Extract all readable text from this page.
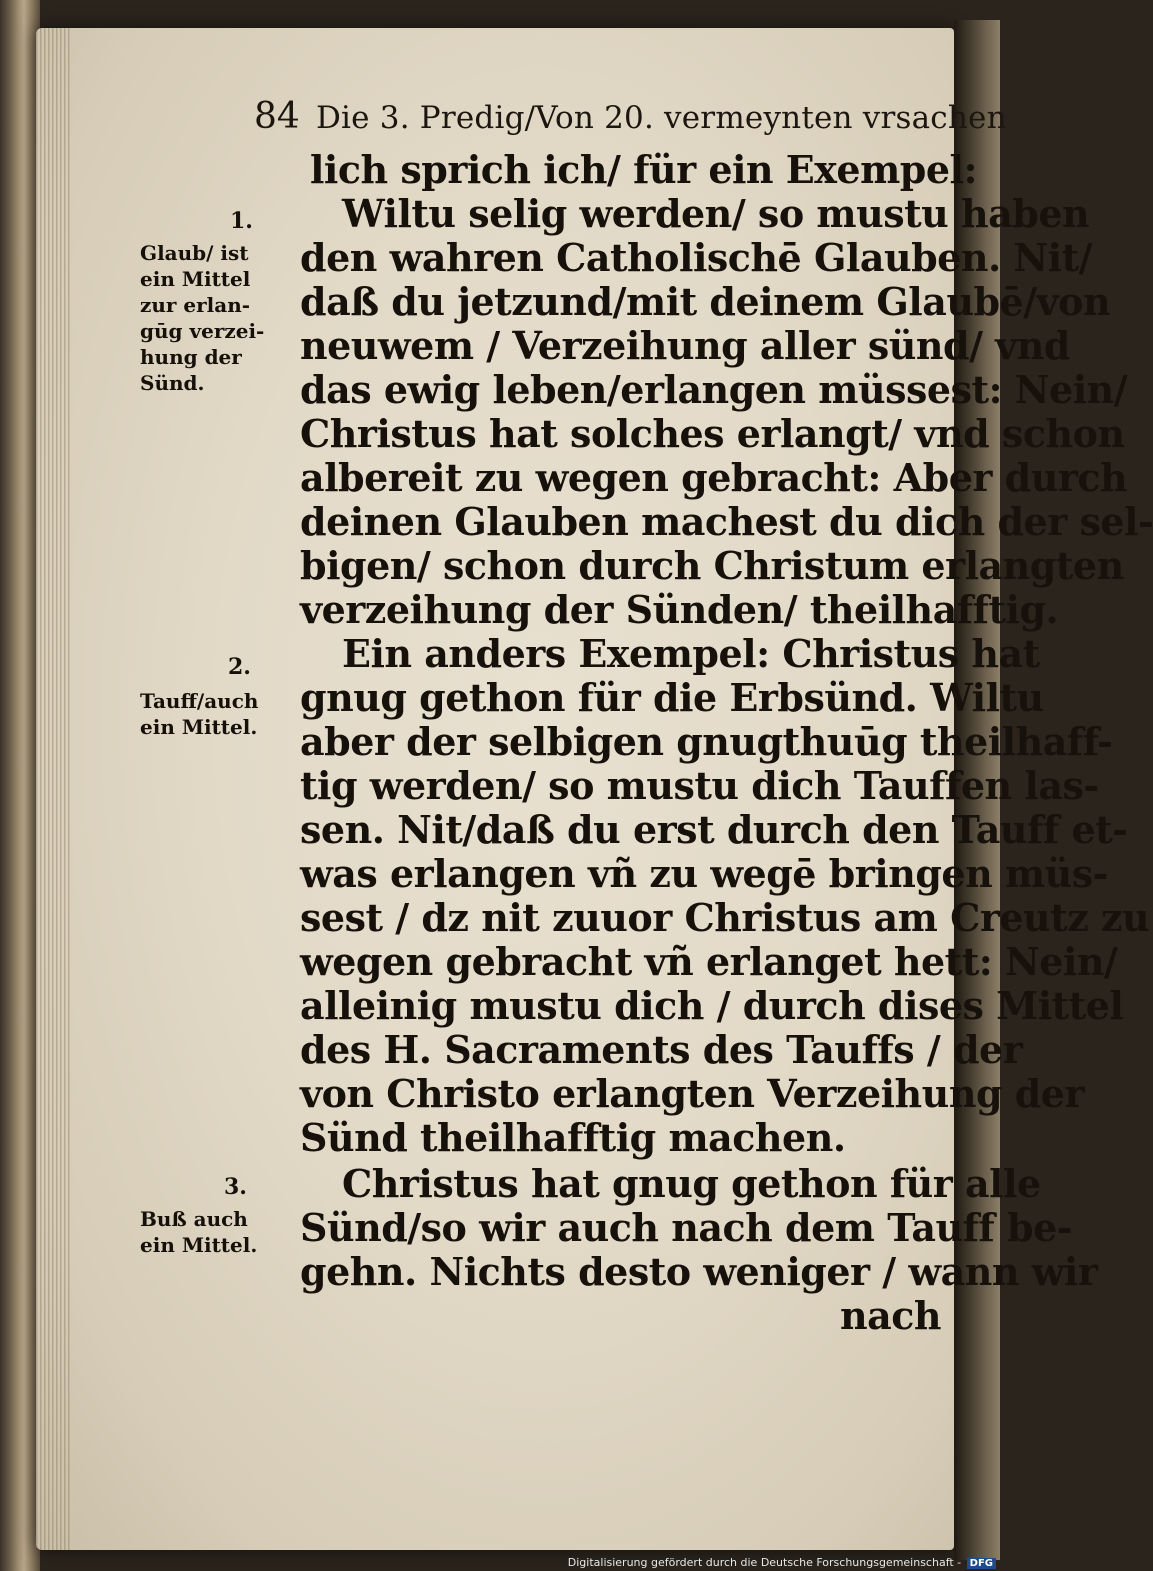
84 Die 3. Predig/Von 20. vermeynten vrsachen
lich sprich ich/ für ein Exempel:
Wiltu selig werden/ so mustu haben
den wahren Catholischē Glauben. Nit/
daß du jetzund/mit deinem Glaubē/von
neuwem / Verzeihung aller sünd/ vnd
das ewig leben/erlangen müssest: Nein/
Christus hat solches erlangt/ vnd schon
albereit zu wegen gebracht: Aber durch
deinen Glauben machest du dich der sel-
bigen/ schon durch Christum erlangten
verzeihung der Sünden/ theilhafftig.
Ein anders Exempel: Christus hat
gnug gethon für die Erbsünd. Wiltu
aber der selbigen gnugthuūg theilhaff-
tig werden/ so mustu dich Tauffen las-
sen. Nit/daß du erst durch den Tauff et-
was erlangen vñ zu wegē bringen müs-
sest / dz nit zuuor Christus am Creutz zu
wegen gebracht vñ erlanget hett: Nein/
alleinig mustu dich / durch dises Mittel
des H. Sacraments des Tauffs / der
von Christo erlangten Verzeihung der
Sünd theilhafftig machen.
Christus hat gnug gethon für alle
Sünd/so wir auch nach dem Tauff be-
gehn. Nichts desto weniger / wann wir
nach
1.
Glaub/ ist
ein Mittel
zur erlan-
gūg verzei-
hung der
Sünd.
2.
Tauff/auch
ein Mittel.
3.
Buß auch
ein Mittel.
Digitalisierung gefördert durch die Deutsche Forschungsgemeinschaft - DFG
